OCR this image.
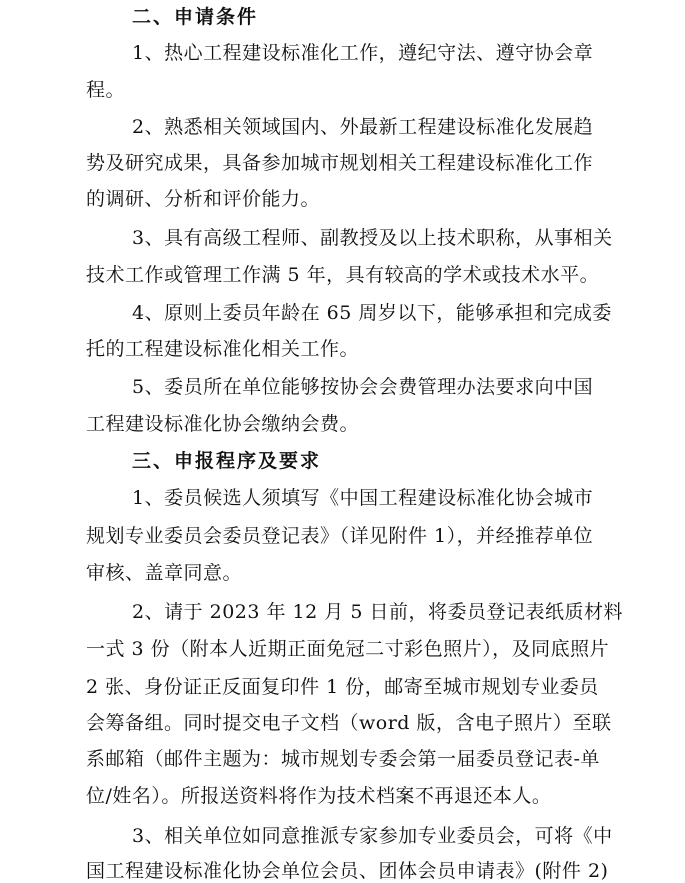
二、申请条件
1、热心工程建设标准化工作，遵纪守法、遵守协会章
程。
2、熟悉相关领域国内、外最新工程建设标准化发展趋
势及研究成果，具备参加城市规划相关工程建设标准化工作
的调研、分析和评价能力。
3、具有高级工程师、副教授及以上技术职称，从事相关
技术工作或管理工作满 5 年，具有较高的学术或技术水平。
4、原则上委员年龄在 65 周岁以下，能够承担和完成委
托的工程建设标准化相关工作。
5、委员所在单位能够按协会会费管理办法要求向中国
工程建设标准化协会缴纳会费。
三、申报程序及要求
1、委员候选人须填写《中国工程建设标准化协会城市
规划专业委员会委员登记表》（详见附件 1），并经推荐单位
审核、盖章同意。
2、请于 2023 年 12 月 5 日前，将委员登记表纸质材料
一式 3 份（附本人近期正面免冠二寸彩色照片），及同底照片
2 张、身份证正反面复印件 1 份，邮寄至城市规划专业委员
会筹备组。同时提交电子文档（word 版，含电子照片）至联
系邮箱（邮件主题为：城市规划专委会第一届委员登记表-单
位/姓名）。所报送资料将作为技术档案不再退还本人。
3、相关单位如同意推派专家参加专业委员会，可将《中
国工程建设标准化协会单位会员、团体会员申请表》(附件 2)
